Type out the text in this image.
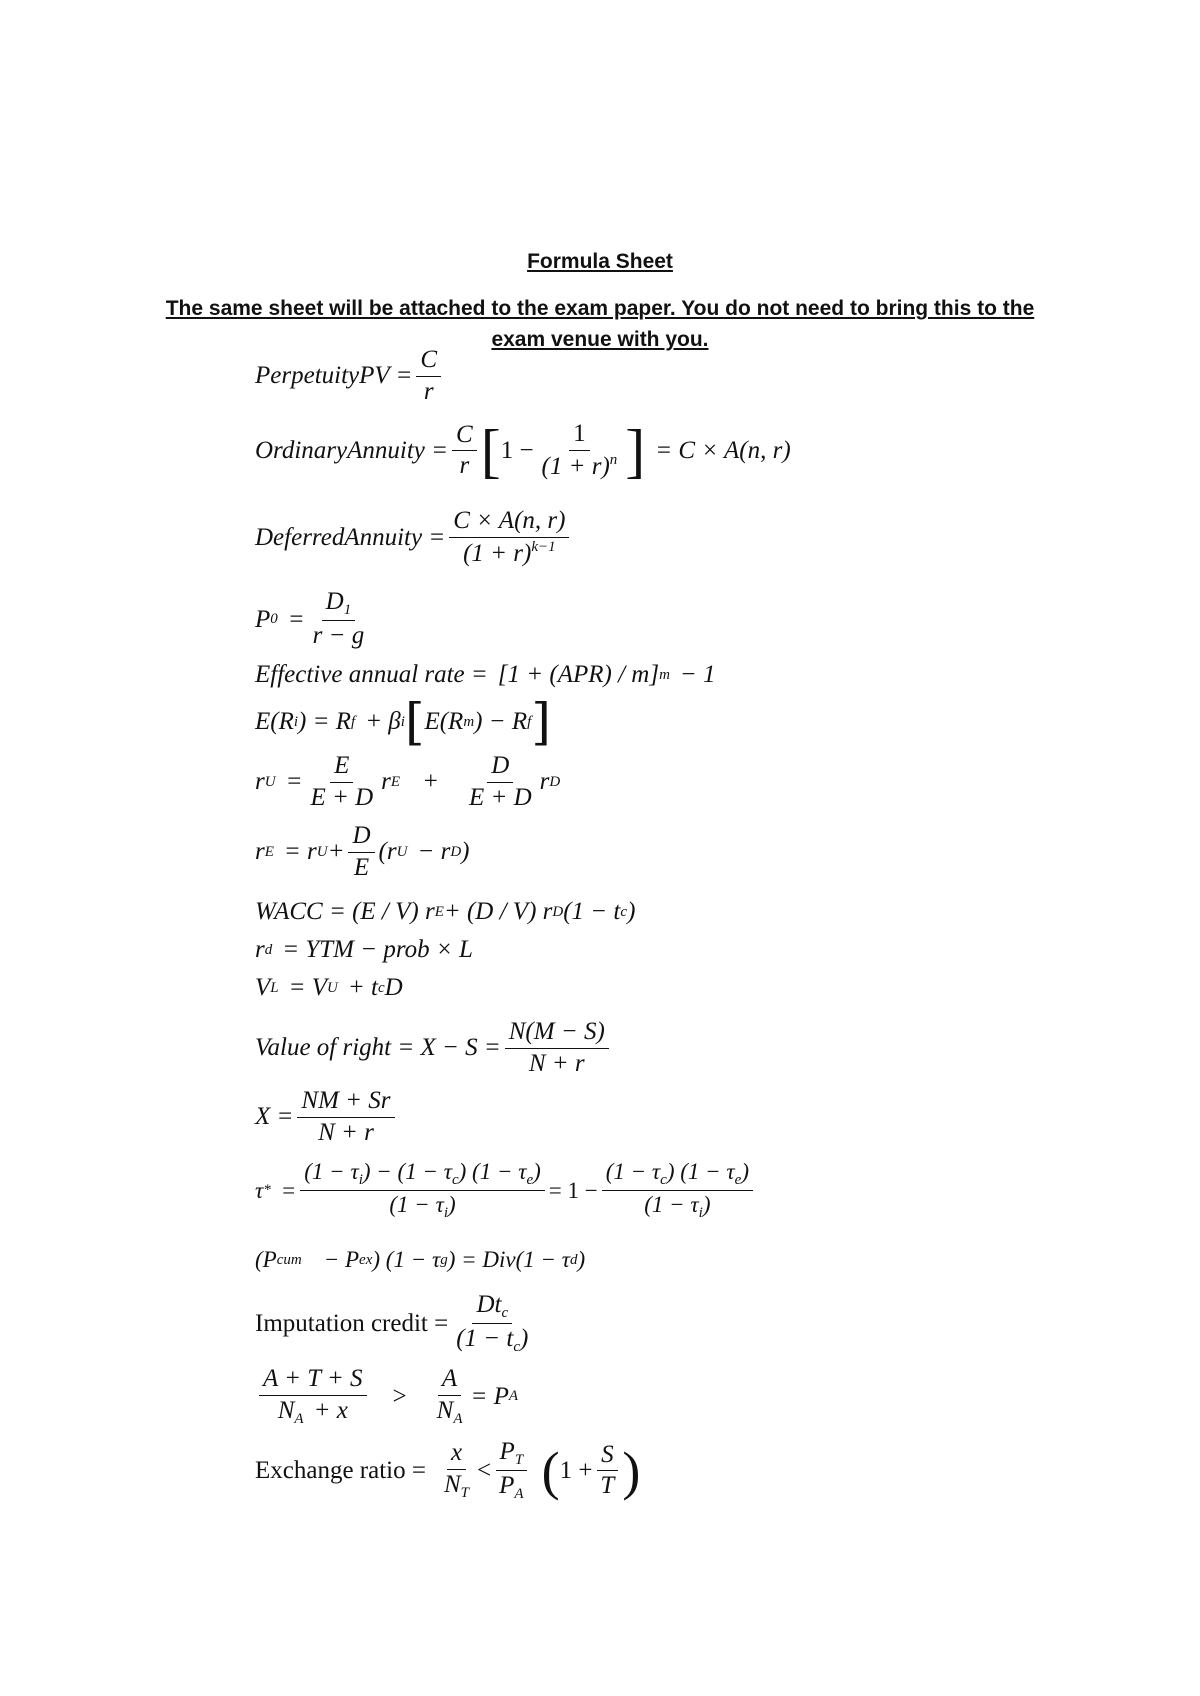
Formula Sheet
The same sheet will be attached to the exam paper. You do not need to bring this to the exam venue with you.
PerpetuityPV = $\frac{C}{r}$
OrdinaryAnnuity = $\frac{C}{r}$ [ $1 - \frac{1}{(1 + r)^n}$ ] = C × A(n, r)
DeferredAnnuity = $\frac{C \times A(n, r)}{(1 + r)^{k-1}}$
P $0 = \frac{D_1}{r - g}$
Effective annual rate = [1 + (APR) / m] m − 1
E(R i ) = R f + β i [ E(R m ) − R f ]
r $U = \frac{E}{E + D}$ r $E + \frac{D}{E + D}$ r D
r E = r $U + \frac{D}{E} (r$ U − r D )
WACC = (E / V) r E + (D / V) r D (1 − t c )
r d = YTM − prob × L
V L = V U + t c D
Value of right = $X - S = \frac{N(M - S)}{N + r}$
$X = \frac{NM + Sr}{N + r}$
τ * = $\frac{(1 - \tau_i) - (1 - \tau_c) (1 - \tau_e)}{(1 - \tau_i)} = 1 - \frac{(1 - \tau_c) (1 - \tau_e)}{(1 - \tau_i)}$
(P cum − P ex ) (1 − τ g ) = Div(1 − τ d )
Imputation credit = $\frac{Dt_c}{(1 - t_c)}$
$\frac{A + T + S}{N_A + x} > \frac{A}{N_A} = P$ A
Exchange ratio = $\frac{x}{N_T} < \frac{P_T}{P_A}$ ( $1 + \frac{S}{T}$ )
